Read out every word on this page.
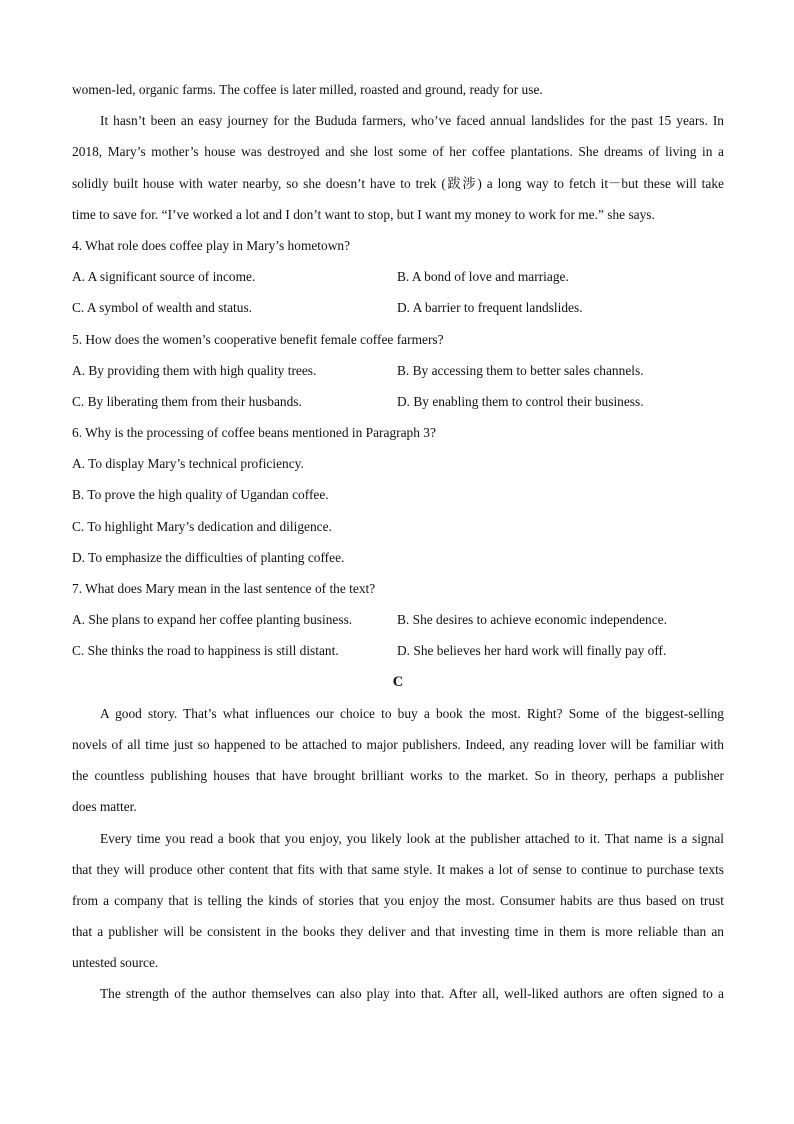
women-led, organic farms. The coffee is later milled, roasted and ground, ready for use.
It hasn’t been an easy journey for the Bududa farmers, who’ve faced annual landslides for the past 15 years. In
2018, Mary’s mother’s house was destroyed and she lost some of her coffee plantations. She dreams of living in a
solidly built house with water nearby, so she doesn’t have to trek (跋涉) a long way to fetch it－but these will take
time to save for. “I’ve worked a lot and I don’t want to stop, but I want my money to work for me.” she says.
4. What role does coffee play in Mary’s hometown?
A. A significant source of income.	B. A bond of love and marriage.
C. A symbol of wealth and status.	D. A barrier to frequent landslides.
5. How does the women’s cooperative benefit female coffee farmers?
A. By providing them with high quality trees.	B. By accessing them to better sales channels.
C. By liberating them from their husbands.	D. By enabling them to control their business.
6. Why is the processing of coffee beans mentioned in Paragraph 3?
A. To display Mary’s technical proficiency.
B. To prove the high quality of Ugandan coffee.
C. To highlight Mary’s dedication and diligence.
D. To emphasize the difficulties of planting coffee.
7. What does Mary mean in the last sentence of the text?
A. She plans to expand her coffee planting business.	B. She desires to achieve economic independence.
C. She thinks the road to happiness is still distant.	D. She believes her hard work will finally pay off.
C
A good story. That’s what influences our choice to buy a book the most. Right? Some of the biggest-selling
novels of all time just so happened to be attached to major publishers. Indeed, any reading lover will be familiar with
the countless publishing houses that have brought brilliant works to the market. So in theory, perhaps a publisher
does matter.
Every time you read a book that you enjoy, you likely look at the publisher attached to it. That name is a signal
that they will produce other content that fits with that same style. It makes a lot of sense to continue to purchase texts
from a company that is telling the kinds of stories that you enjoy the most. Consumer habits are thus based on trust
that a publisher will be consistent in the books they deliver and that investing time in them is more reliable than an
untested source.
The strength of the author themselves can also play into that. After all, well-liked authors are often signed to a
